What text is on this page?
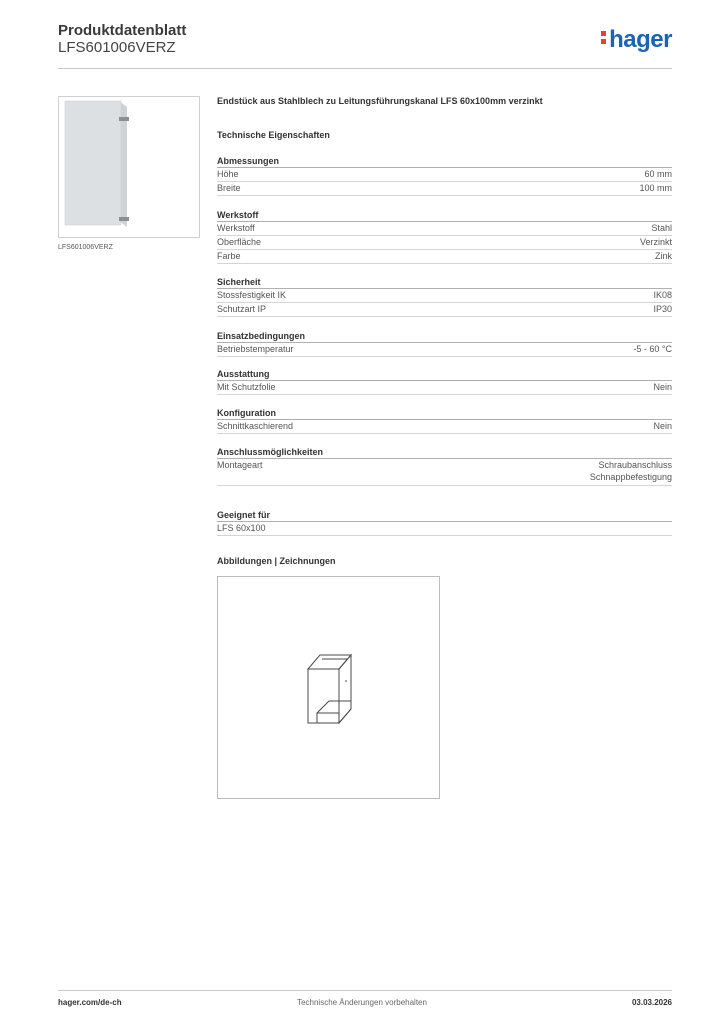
Produktdatenblatt
LFS601006VERZ	hager
LFS601006VERZ
Endstück aus Stahlblech zu Leitungsführungskanal LFS 60x100mm verzinkt
Technische Eigenschaften
Abmessungen
Höhe	60 mm
Breite	100 mm
Werkstoff
Werkstoff	Stahl
Oberfläche	Verzinkt
Farbe	Zink
Sicherheit
Stossfestigkeit IK	IK08
Schutzart IP	IP30
Einsatzbedingungen
Betriebstemperatur	-5 - 60 °C
Ausstattung
Mit Schutzfolie	Nein
Konfiguration
Schnittkaschierend	Nein
Anschlussmöglichkeiten
Montageart	Schraubanschluss
Schnappbefestigung
Geeignet für
LFS 60x100
Abbildungen | Zeichnungen
hager.com/de-ch	Technische Änderungen vorbehalten	03.03.2026
